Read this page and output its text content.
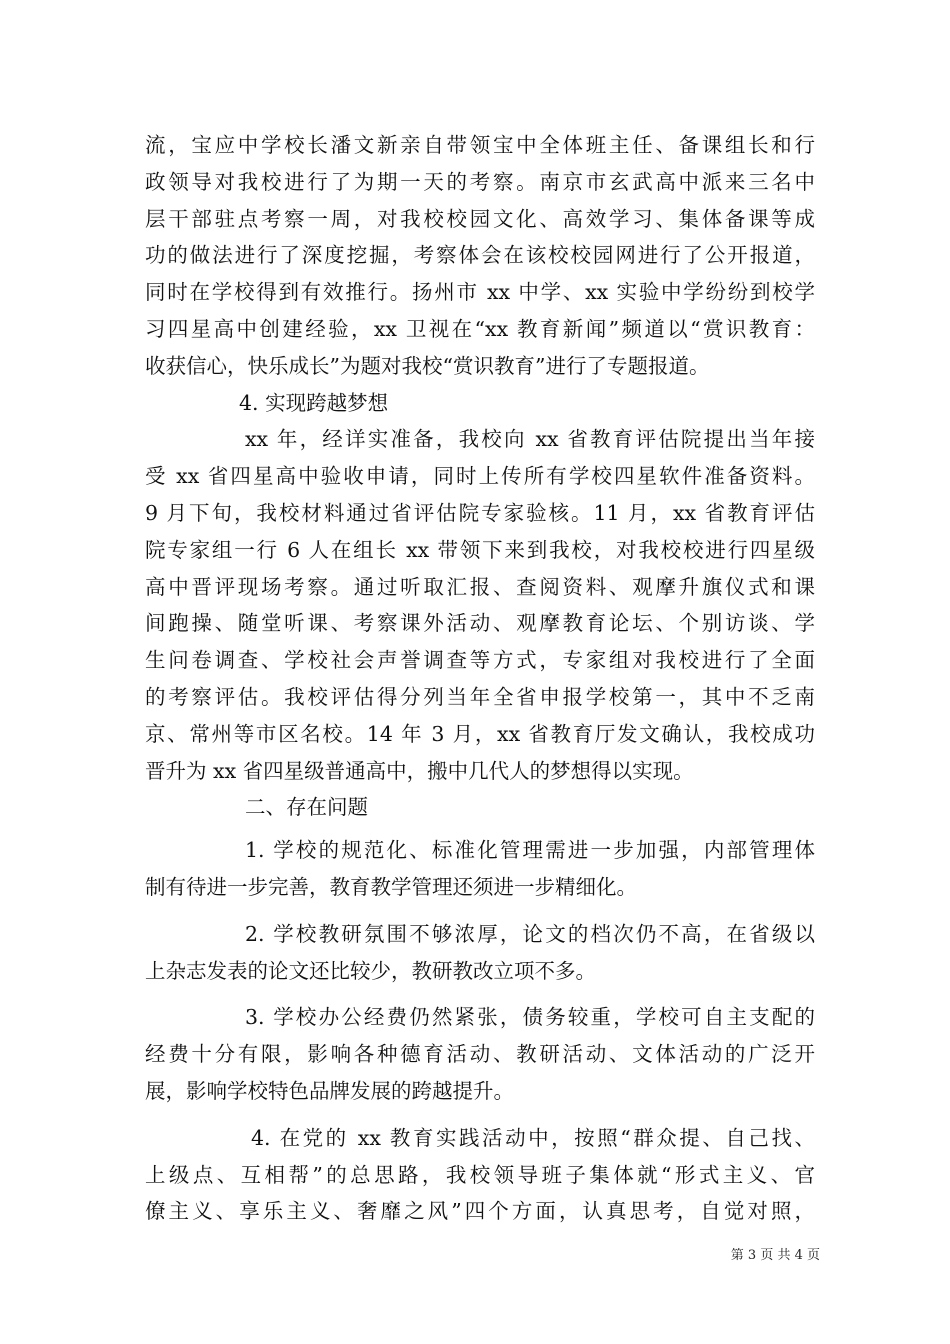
流，宝应中学校长潘文新亲自带领宝中全体班主任、备课组长和行
政领导对我校进行了为期一天的考察。南京市玄武高中派来三名中
层干部驻点考察一周，对我校校园文化、高效学习、集体备课等成
功的做法进行了深度挖掘，考察体会在该校校园网进行了公开报道，
同时在学校得到有效推行。扬州市 xx 中学、xx 实验中学纷纷到校学
习四星高中创建经验，xx 卫视在“xx 教育新闻”频道以“赏识教育：
收获信心，快乐成长”为题对我校“赏识教育”进行了专题报道。
4. 实现跨越梦想
xx 年，经详实准备，我校向 xx 省教育评估院提出当年接
受 xx 省四星高中验收申请，同时上传所有学校四星软件准备资料。
9 月下旬，我校材料通过省评估院专家验核。11 月，xx 省教育评估
院专家组一行 6 人在组长 xx 带领下来到我校，对我校校进行四星级
高中晋评现场考察。通过听取汇报、查阅资料、观摩升旗仪式和课
间跑操、随堂听课、考察课外活动、观摩教育论坛、个别访谈、学
生问卷调查、学校社会声誉调查等方式，专家组对我校进行了全面
的考察评估。我校评估得分列当年全省申报学校第一，其中不乏南
京、常州等市区名校。14 年 3 月，xx 省教育厅发文确认，我校成功
晋升为 xx 省四星级普通高中，搬中几代人的梦想得以实现。
二、存在问题
1. 学校的规范化、标准化管理需进一步加强，内部管理体
制有待进一步完善，教育教学管理还须进一步精细化。
2. 学校教研氛围不够浓厚，论文的档次仍不高，在省级以
上杂志发表的论文还比较少，教研教改立项不多。
3. 学校办公经费仍然紧张，债务较重，学校可自主支配的
经费十分有限，影响各种德育活动、教研活动、文体活动的广泛开
展，影响学校特色品牌发展的跨越提升。
4. 在党的 xx 教育实践活动中，按照“群众提、自己找、
上级点、互相帮”的总思路，我校领导班子集体就“形式主义、官
僚主义、享乐主义、奢靡之风”四个方面，认真思考，自觉对照，
第 3 页 共 4 页
